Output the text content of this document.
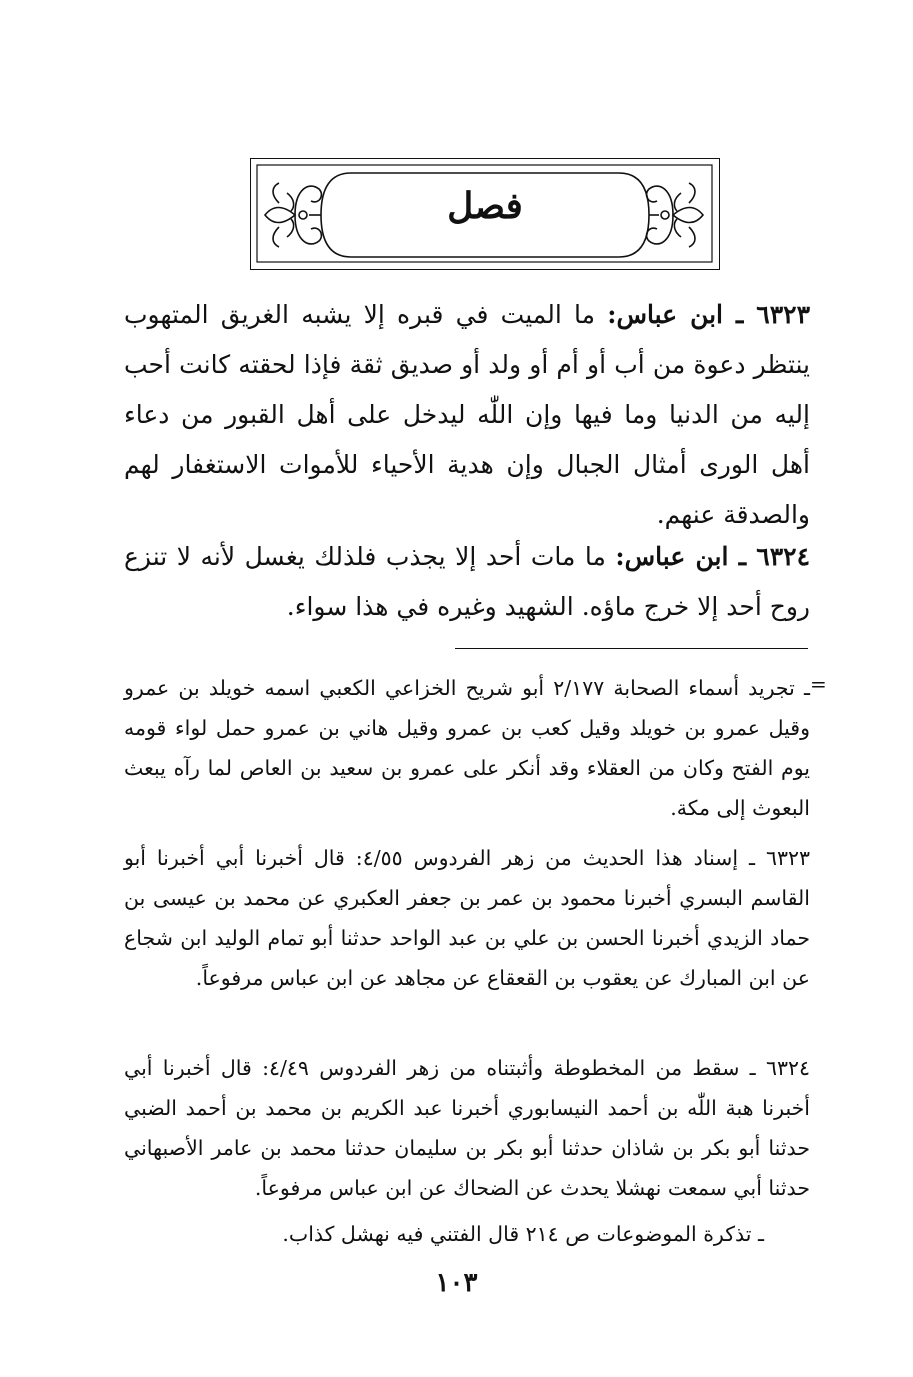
فصل
٦٣٢٣ ـ ابن عباس: ما الميت في قبره إلا يشبه الغريق المتهوب ينتظر دعوة من أب أو أم أو ولد أو صديق ثقة فإذا لحقته كانت أحب إليه من الدنيا وما فيها وإن اللّٰه ليدخل على أهل القبور من دعاء أهل الورى أمثال الجبال وإن هدية الأحياء للأموات الاستغفار لهم والصدقة عنهم.
٦٣٢٤ ـ ابن عباس: ما مات أحد إلا يجذب فلذلك يغسل لأنه لا تنزع روح أحد إلا خرج ماؤه. الشهيد وغيره في هذا سواء.
=
ـ تجريد أسماء الصحابة ٢/١٧٧ أبو شريح الخزاعي الكعبي اسمه خويلد بن عمرو وقيل عمرو بن خويلد وقيل كعب بن عمرو وقيل هاني بن عمرو حمل لواء قومه يوم الفتح وكان من العقلاء وقد أنكر على عمرو بن سعيد بن العاص لما رآه يبعث البعوث إلى مكة.
٦٣٢٣ ـ إسناد هذا الحديث من زهر الفردوس ٤/٥٥: قال أخبرنا أبي أخبرنا أبو القاسم البسري أخبرنا محمود بن عمر بن جعفر العكبري عن محمد بن عيسى بن حماد الزيدي أخبرنا الحسن بن علي بن عبد الواحد حدثنا أبو تمام الوليد ابن شجاع عن ابن المبارك عن يعقوب بن القعقاع عن مجاهد عن ابن عباس مرفوعاً.
٦٣٢٤ ـ سقط من المخطوطة وأثبتناه من زهر الفردوس ٤/٤٩: قال أخبرنا أبي أخبرنا هبة اللّٰه بن أحمد النيسابوري أخبرنا عبد الكريم بن محمد بن أحمد الضبي حدثنا أبو بكر بن شاذان حدثنا أبو بكر بن سليمان حدثنا محمد بن عامر الأصبهاني حدثنا أبي سمعت نهشلا يحدث عن الضحاك عن ابن عباس مرفوعاً.
ـ تذكرة الموضوعات ص ٢١٤ قال الفتني فيه نهشل كذاب.
١٠٣
